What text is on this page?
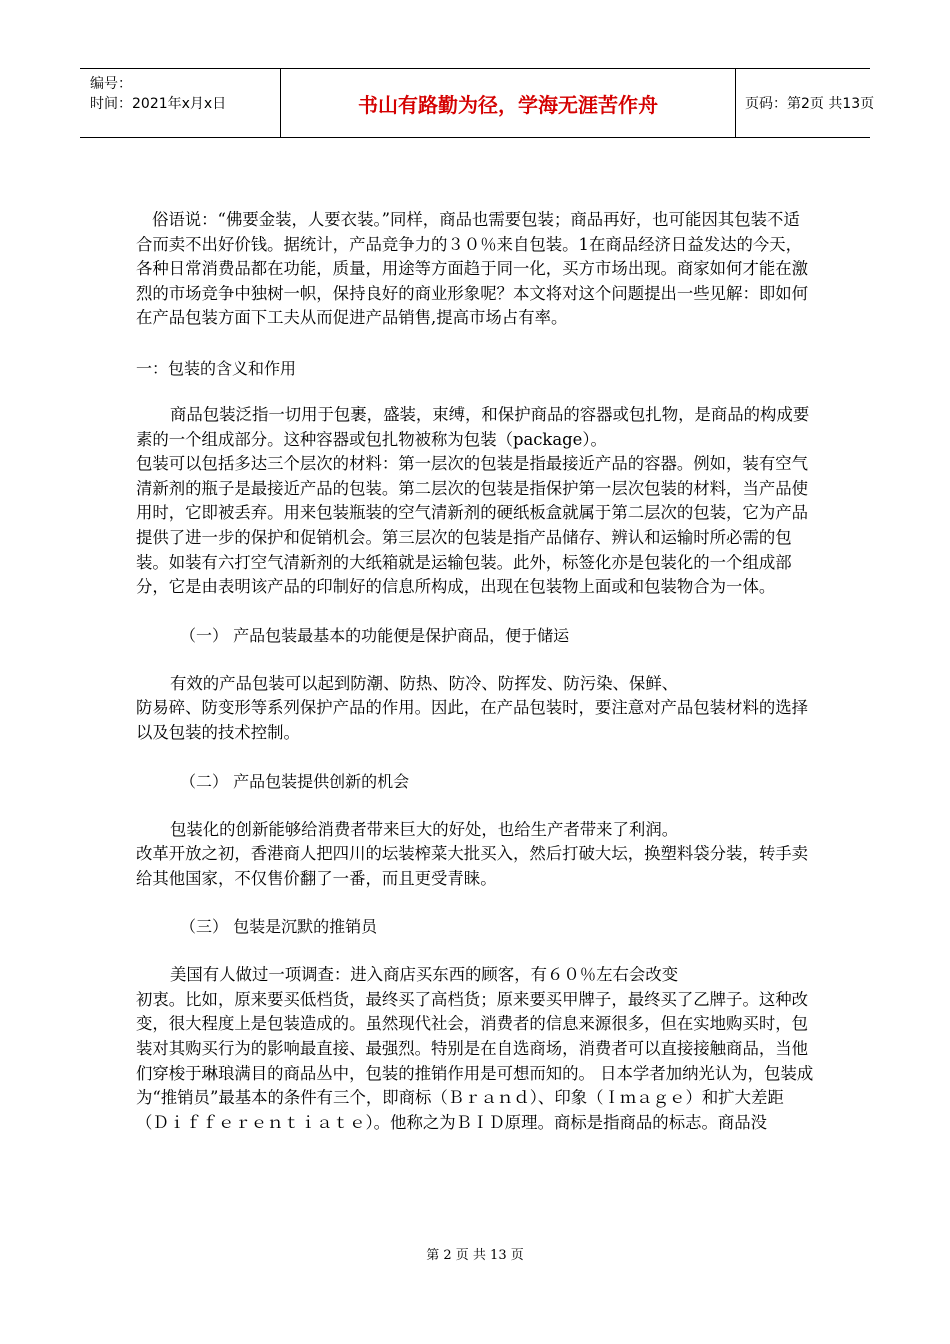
编号：
时间：2021年x月x日	书山有路勤为径，学海无涯苦作舟	页码：第2页 共13页

俗语说：“佛要金装，人要衣装。”同样，商品也需要包装；商品再好，也可能因其包装不适合而卖不出好价钱。据统计，产品竞争力的３０％来自包装。1在商品经济日益发达的今天，各种日常消费品都在功能，质量，用途等方面趋于同一化，买方市场出现。商家如何才能在激烈的市场竞争中独树一帜，保持良好的商业形象呢？本文将对这个问题提出一些见解：即如何在产品包装方面下工夫从而促进产品销售,提高市场占有率。

一：包装的含义和作用

商品包装泛指一切用于包裹，盛装，束缚，和保护商品的容器或包扎物，是商品的构成要素的一个组成部分。这种容器或包扎物被称为包装（package）。
包装可以包括多达三个层次的材料：第一层次的包装是指最接近产品的容器。例如，装有空气清新剂的瓶子是最接近产品的包装。第二层次的包装是指保护第一层次包装的材料，当产品使用时，它即被丢弃。用来包装瓶装的空气清新剂的硬纸板盒就属于第二层次的包装，它为产品提供了进一步的保护和促销机会。第三层次的包装是指产品储存、辨认和运输时所必需的包装。如装有六打空气清新剂的大纸箱就是运输包装。此外，标签化亦是包装化的一个组成部分，它是由表明该产品的印制好的信息所构成，出现在包装物上面或和包装物合为一体。

（一） 产品包装最基本的功能便是保护商品，便于储运

有效的产品包装可以起到防潮、防热、防冷、防挥发、防污染、保鲜、
防易碎、防变形等系列保护产品的作用。因此，在产品包装时，要注意对产品包装材料的选择以及包装的技术控制。

（二） 产品包装提供创新的机会

包装化的创新能够给消费者带来巨大的好处，也给生产者带来了利润。
改革开放之初，香港商人把四川的坛装榨菜大批买入，然后打破大坛，换塑料袋分装，转手卖给其他国家，不仅售价翻了一番，而且更受青睐。

（三） 包装是沉默的推销员

美国有人做过一项调查：进入商店买东西的顾客，有６０％左右会改变
初衷。比如，原来要买低档货，最终买了高档货；原来要买甲牌子，最终买了乙牌子。这种改变，很大程度上是包装造成的。虽然现代社会，消费者的信息来源很多，但在实地购买时，包装对其购买行为的影响最直接、最强烈。特别是在自选商场，消费者可以直接接触商品，当他们穿梭于琳琅满目的商品丛中，包装的推销作用是可想而知的。 日本学者加纳光认为，包装成为“推销员”最基本的条件有三个，即商标（Ｂｒａｎｄ）、印象（Ｉｍａｇｅ）和扩大差距（Ｄｉｆｆｅｒｅｎｔｉａｔｅ）。他称之为ＢＩＤ原理。商标是指商品的标志。商品没

第 2 页 共 13 页
